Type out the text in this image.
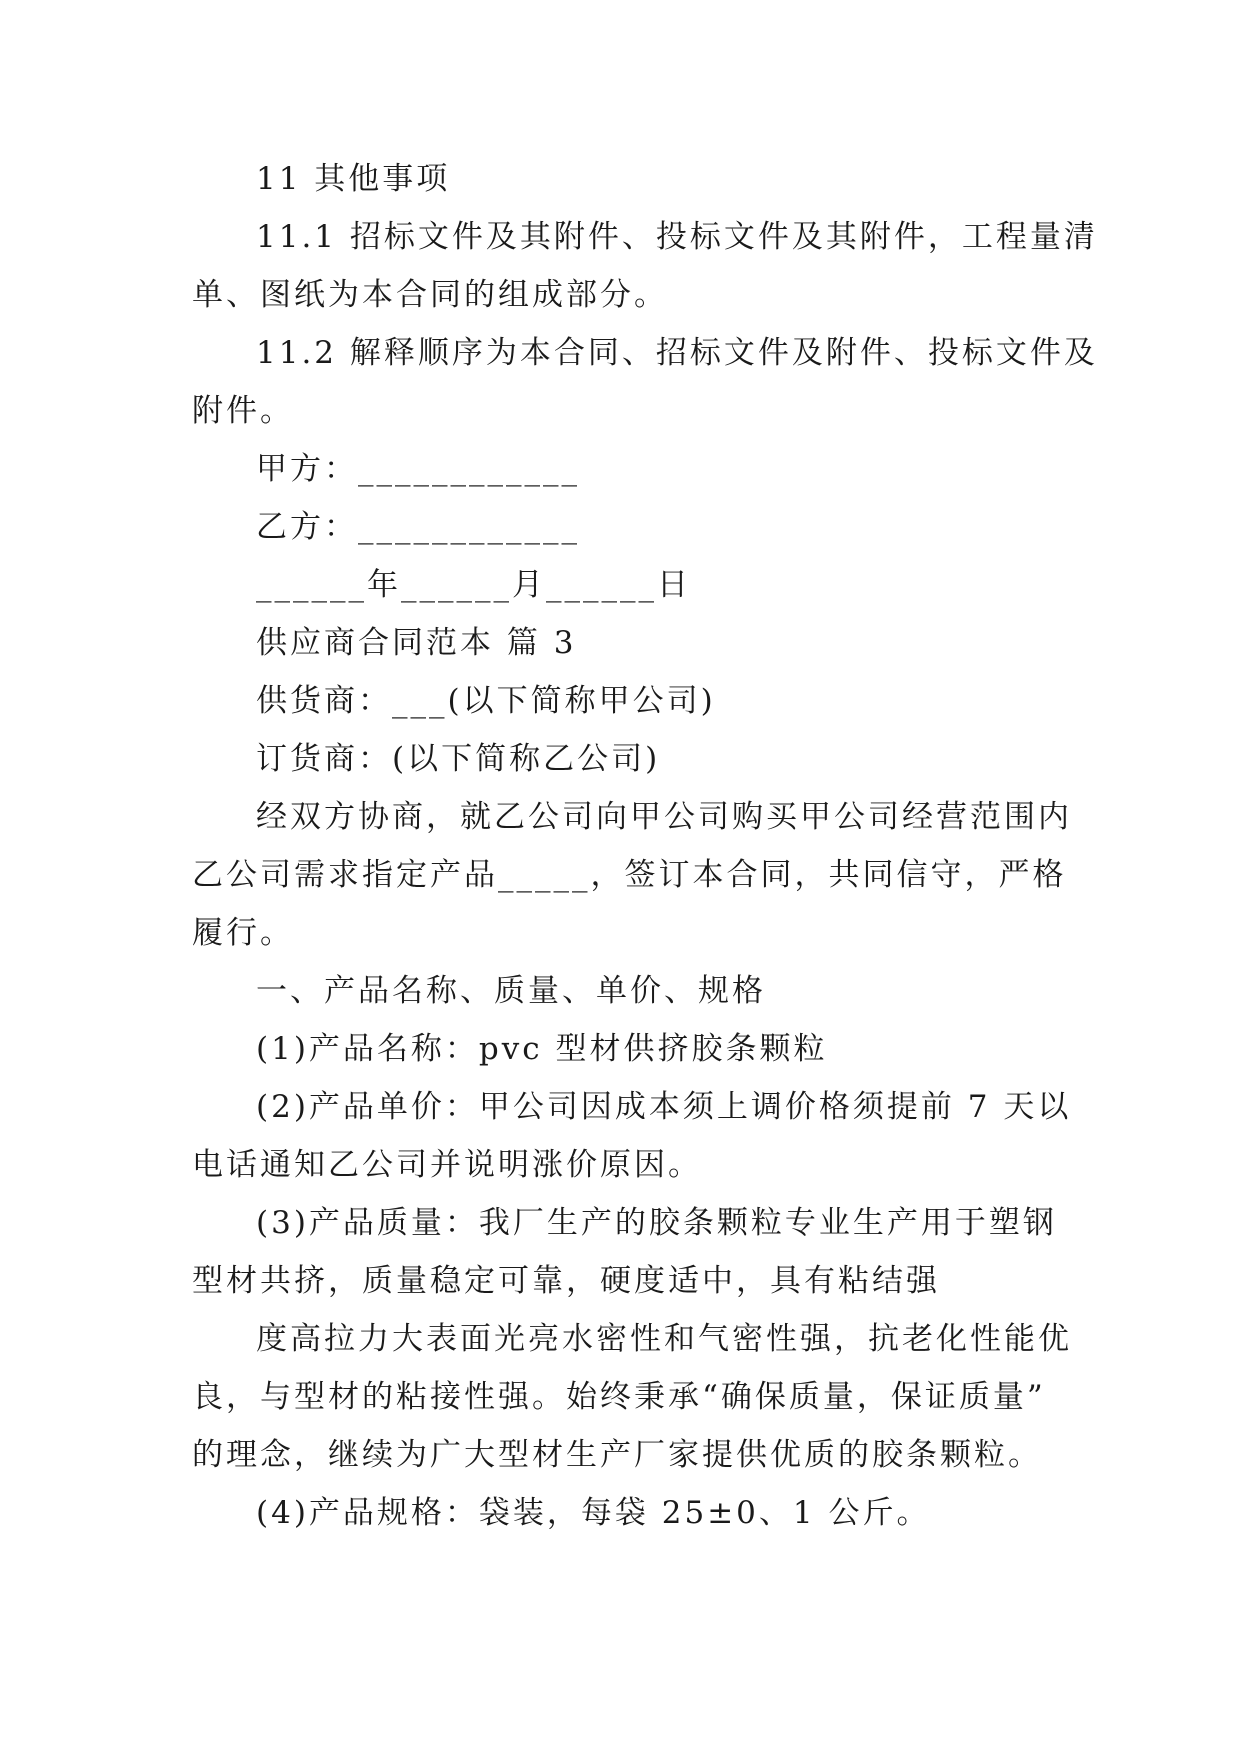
11 其他事项
11.1 招标文件及其附件、投标文件及其附件，工程量清
单、图纸为本合同的组成部分。
11.2 解释顺序为本合同、招标文件及附件、投标文件及
附件。
甲方：____________
乙方：____________
______年______月______日
供应商合同范本 篇 3
供货商：___(以下简称甲公司)
订货商：(以下简称乙公司)
经双方协商，就乙公司向甲公司购买甲公司经营范围内
乙公司需求指定产品_____，签订本合同，共同信守，严格
履行。
一、产品名称、质量、单价、规格
(1)产品名称：pvc 型材供挤胶条颗粒
(2)产品单价：甲公司因成本须上调价格须提前 7 天以
电话通知乙公司并说明涨价原因。
(3)产品质量：我厂生产的胶条颗粒专业生产用于塑钢
型材共挤，质量稳定可靠，硬度适中，具有粘结强
度高拉力大表面光亮水密性和气密性强，抗老化性能优
良，与型材的粘接性强。始终秉承“确保质量，保证质量”
的理念，继续为广大型材生产厂家提供优质的胶条颗粒。
(4)产品规格：袋装，每袋 25±0、1 公斤。
